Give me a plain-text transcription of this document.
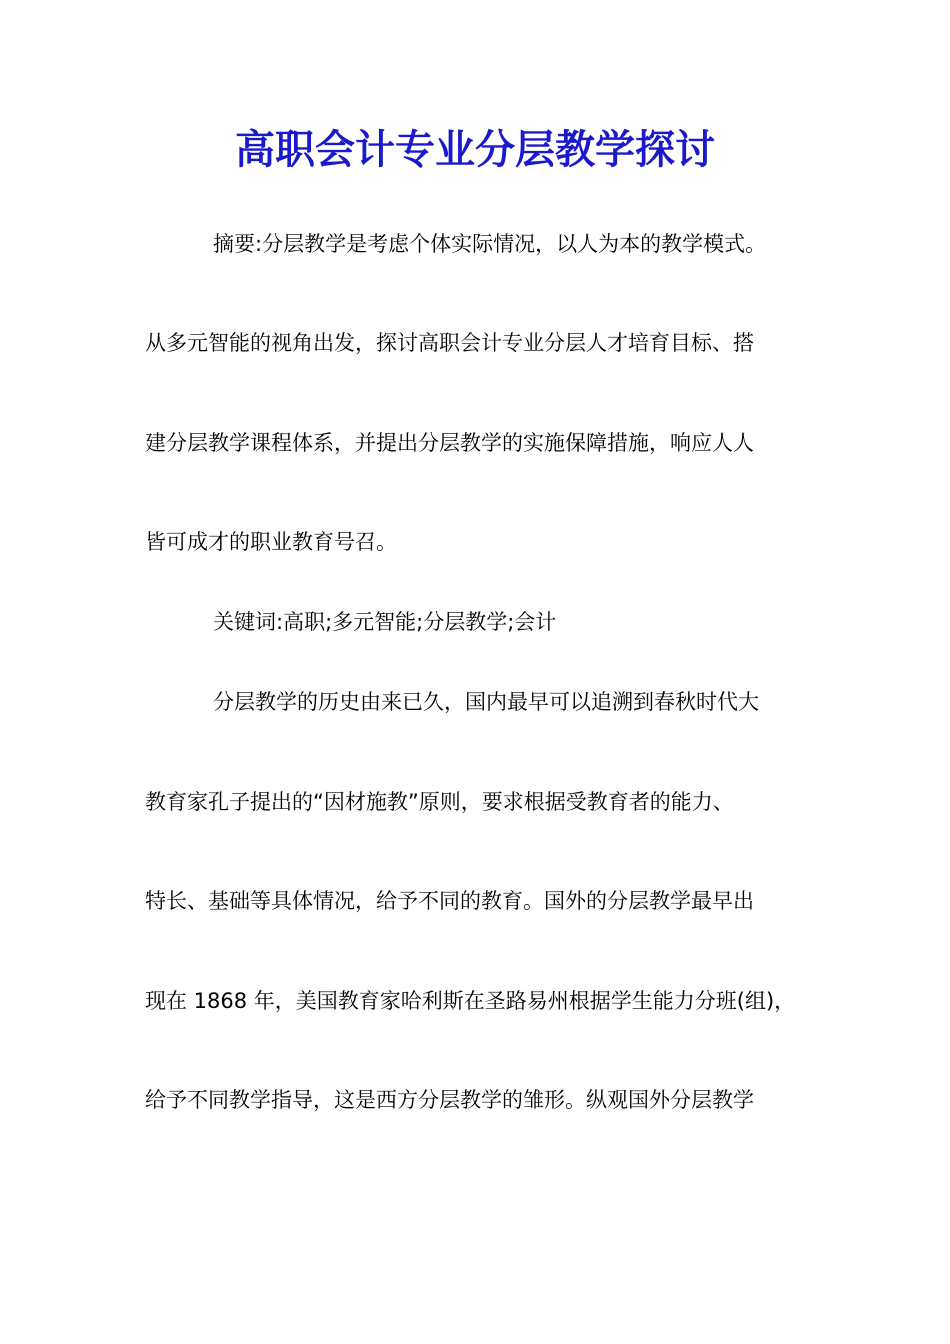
高职会计专业分层教学探讨
摘要:分层教学是考虑个体实际情况，以人为本的教学模式。
从多元智能的视角出发，探讨高职会计专业分层人才培育目标、搭
建分层教学课程体系，并提出分层教学的实施保障措施，响应人人
皆可成才的职业教育号召。
关键词:高职;多元智能;分层教学;会计
分层教学的历史由来已久，国内最早可以追溯到春秋时代大
教育家孔子提出的“因材施教”原则，要求根据受教育者的能力、
特长、基础等具体情况，给予不同的教育。国外的分层教学最早出
现在 1868 年，美国教育家哈利斯在圣路易州根据学生能力分班(组)，
给予不同教学指导，这是西方分层教学的雏形。纵观国外分层教学
